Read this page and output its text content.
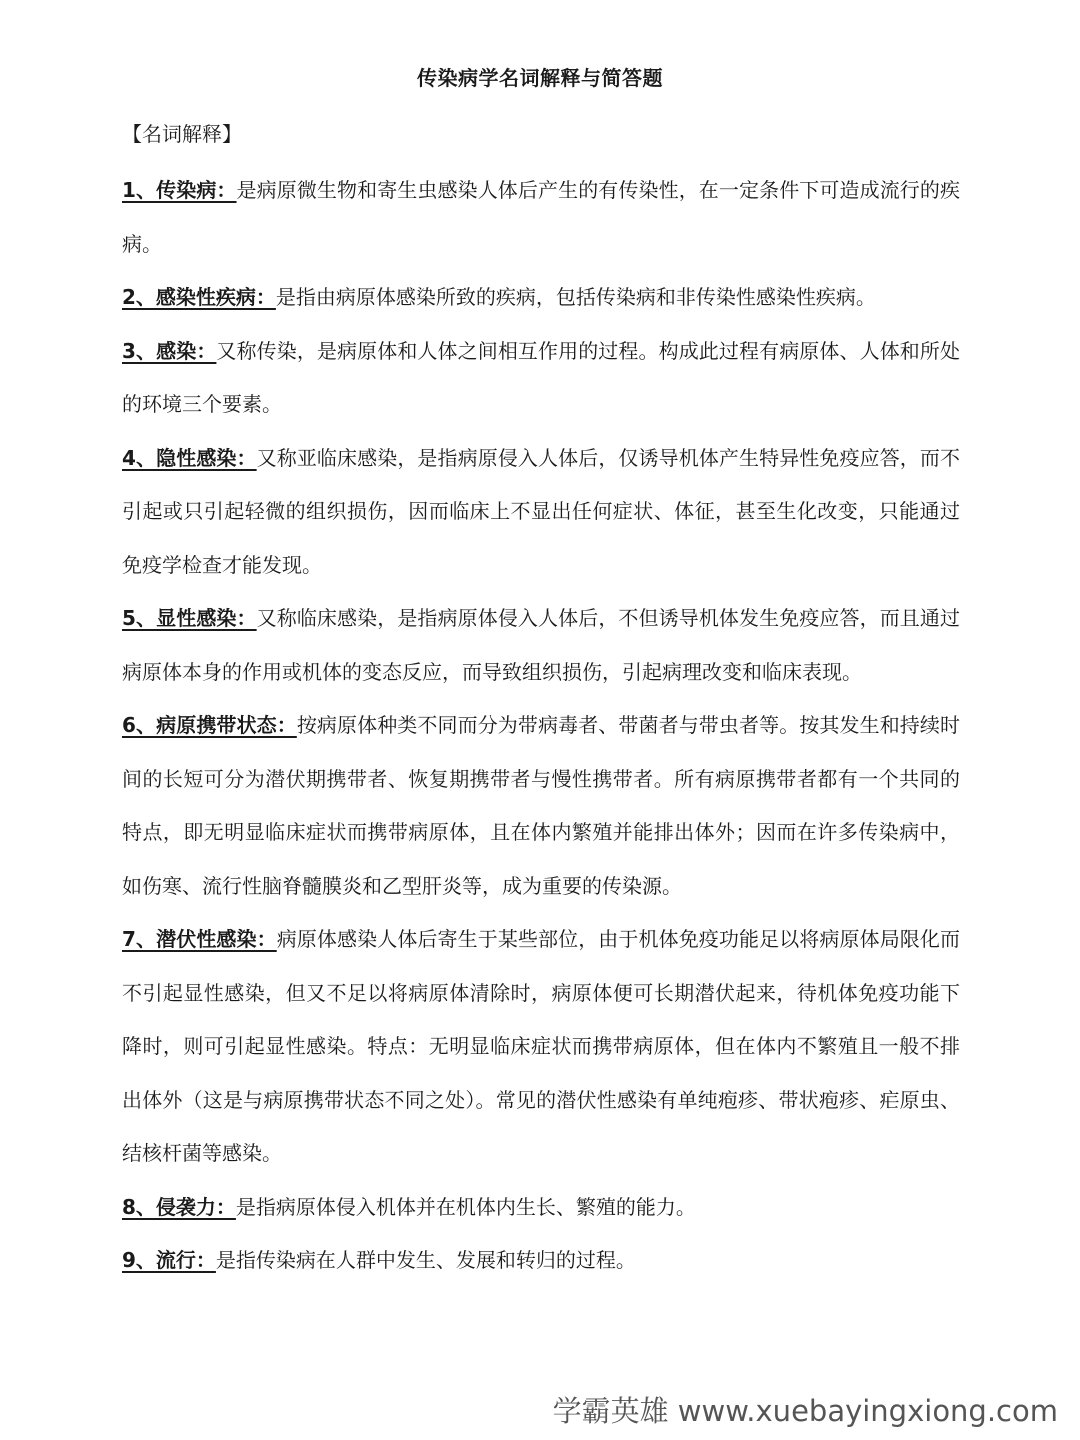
传染病学名词解释与简答题
【名词解释】

1、传染病：是病原微生物和寄生虫感染人体后产生的有传染性，在一定条件下可造成流行的疾病。

2、感染性疾病：是指由病原体感染所致的疾病，包括传染病和非传染性感染性疾病。

3、感染：又称传染，是病原体和人体之间相互作用的过程。构成此过程有病原体、人体和所处的环境三个要素。

4、隐性感染：又称亚临床感染，是指病原侵入人体后，仅诱导机体产生特异性免疫应答，而不引起或只引起轻微的组织损伤，因而临床上不显出任何症状、体征，甚至生化改变，只能通过免疫学检查才能发现。

5、显性感染：又称临床感染，是指病原体侵入人体后，不但诱导机体发生免疫应答，而且通过病原体本身的作用或机体的变态反应，而导致组织损伤，引起病理改变和临床表现。

6、病原携带状态：按病原体种类不同而分为带病毒者、带菌者与带虫者等。按其发生和持续时间的长短可分为潜伏期携带者、恢复期携带者与慢性携带者。所有病原携带者都有一个共同的特点，即无明显临床症状而携带病原体，且在体内繁殖并能排出体外；因而在许多传染病中，如伤寒、流行性脑脊髓膜炎和乙型肝炎等，成为重要的传染源。

7、潜伏性感染：病原体感染人体后寄生于某些部位，由于机体免疫功能足以将病原体局限化而不引起显性感染，但又不足以将病原体清除时，病原体便可长期潜伏起来，待机体免疫功能下降时，则可引起显性感染。特点：无明显临床症状而携带病原体，但在体内不繁殖且一般不排出体外（这是与病原携带状态不同之处）。常见的潜伏性感染有单纯疱疹、带状疱疹、疟原虫、结核杆菌等感染。

8、侵袭力：是指病原体侵入机体并在机体内生长、繁殖的能力。

9、流行：是指传染病在人群中发生、发展和转归的过程。

学霸英雄 www.xuebayingxiong.com
